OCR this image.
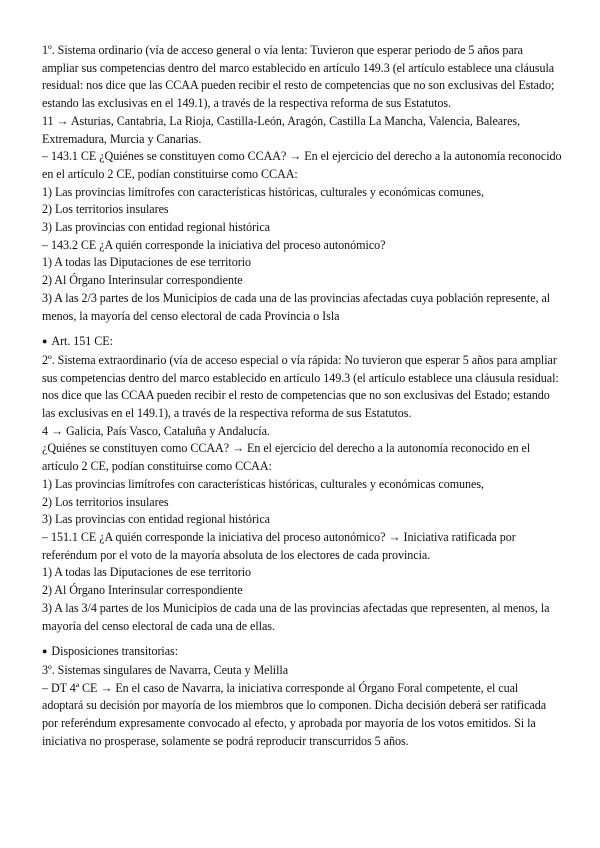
1º. Sistema ordinario (vía de acceso general o vía lenta: Tuvieron que esperar periodo de 5 años para ampliar sus competencias dentro del marco establecido en artículo 149.3 (el artículo establece una cláusula residual: nos dice que las CCAA pueden recibir el resto de competencias que no son exclusivas del Estado; estando las exclusivas en el 149.1), a través de la respectiva reforma de sus Estatutos.

11 → Asturias, Cantabria, La Rioja, Castilla-León, Aragón, Castilla La Mancha, Valencia, Baleares, Extremadura, Murcia y Canarias.

– 143.1 CE ¿Quiénes se constituyen como CCAA? → En el ejercicio del derecho a la autonomía reconocido en el artículo 2 CE, podían constituirse como CCAA:

1) Las provincias limítrofes con características históricas, culturales y económicas comunes,

2) Los territorios insulares

3) Las provincias con entidad regional histórica

– 143.2 CE ¿A quién corresponde la iniciativa del proceso autonómico?

1) A todas las Diputaciones de ese territorio

2) Al Órgano Interinsular correspondiente

3) A las 2/3 partes de los Municipios de cada una de las provincias afectadas cuya población represente, al menos, la mayoría del censo electoral de cada Provincia o Isla

● Art. 151 CE:

2º. Sistema extraordinario (vía de acceso especial o vía rápida: No tuvieron que esperar 5 años para ampliar sus competencias dentro del marco establecido en artículo 149.3 (el artículo establece una cláusula residual: nos dice que las CCAA pueden recibir el resto de competencias que no son exclusivas del Estado; estando las exclusivas en el 149.1), a través de la respectiva reforma de sus Estatutos.

4 → Galicia, País Vasco, Cataluña y Andalucía.

¿Quiénes se constituyen como CCAA? → En el ejercicio del derecho a la autonomía reconocido en el artículo 2 CE, podían constituirse como CCAA:

1) Las provincias limítrofes con características históricas, culturales y económicas comunes,

2) Los territorios insulares

3) Las provincias con entidad regional histórica

– 151.1 CE ¿A quién corresponde la iniciativa del proceso autonómico? → Iniciativa ratificada por referéndum por el voto de la mayoría absoluta de los electores de cada provincia.

1) A todas las Diputaciones de ese territorio

2) Al Órgano Interinsular correspondiente

3) A las 3/4 partes de los Municipios de cada una de las provincias afectadas que representen, al menos, la mayoría del censo electoral de cada una de ellas.

● Disposiciones transitorias:

3º. Sistemas singulares de Navarra, Ceuta y Melilla

– DT 4ª CE → En el caso de Navarra, la iniciativa corresponde al Órgano Foral competente, el cual adoptará su decisión por mayoría de los miembros que lo componen. Dicha decisión deberá ser ratificada por referéndum expresamente convocado al efecto, y aprobada por mayoría de los votos emitidos. Si la iniciativa no prosperase, solamente se podrá reproducir transcurridos 5 años.
